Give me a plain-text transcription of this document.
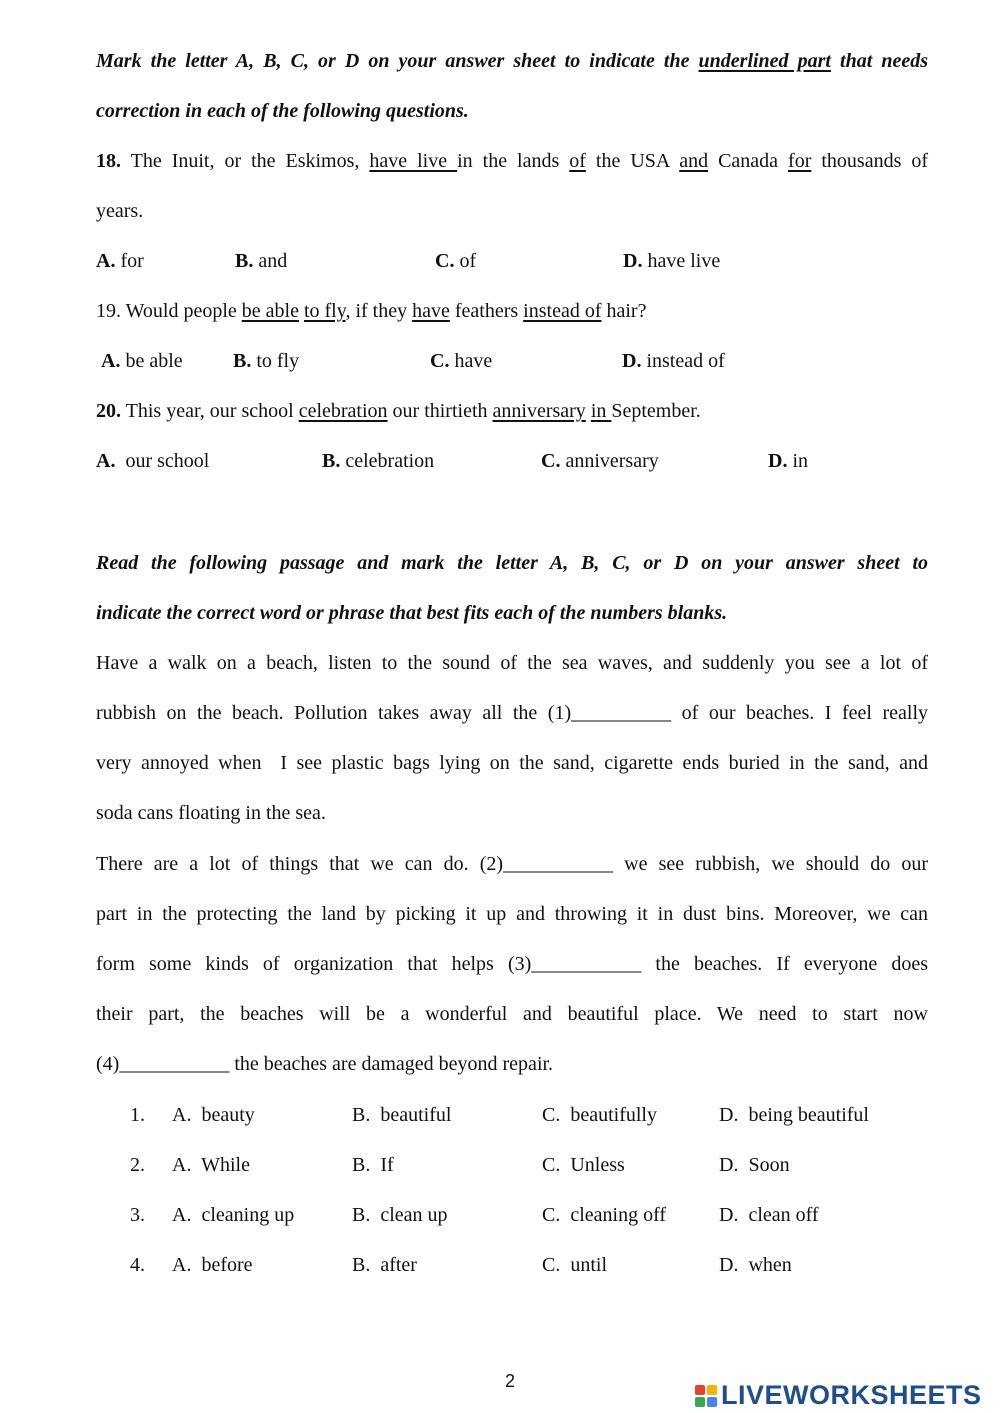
Mark the letter A, B, C, or D on your answer sheet to indicate the underlined part that needs
correction in each of the following questions.
18. The Inuit, or the Eskimos, have live in the lands of the USA and Canada for thousands of
years.
A. for	B. and	C. of	D. have live
19. Would people be able to fly, if they have feathers instead of hair?
A. be able	B. to fly	C. have	D. instead of
20. This year, our school celebration our thirtieth anniversary in September.
A.  our school	B. celebration	C. anniversary	D. in
Read the following passage and mark the letter A, B, C, or D on your answer sheet to
indicate the correct word or phrase that best fits each of the numbers blanks.
Have a walk on a beach, listen to the sound of the sea waves, and suddenly you see a lot of
rubbish on the beach. Pollution takes away all the (1)__________ of our beaches. I feel really
very annoyed when  I see plastic bags lying on the sand, cigarette ends buried in the sand, and
soda cans floating in the sea.
There are a lot of things that we can do. (2)___________ we see rubbish, we should do our
part in the protecting the land by picking it up and throwing it in dust bins. Moreover, we can
form some kinds of organization that helps (3)___________ the beaches. If everyone does
their part, the beaches will be a wonderful and beautiful place. We need to start now
(4)___________ the beaches are damaged beyond repair.
1. A.  beauty	B.  beautiful	C.  beautifully	D.  being beautiful
2. A.  While	B.  If	C.  Unless	D.  Soon
3. A.  cleaning up	B.  clean up	C.  cleaning off	D.  clean off
4. A.  before	B.  after	C.  until	D.  when
2	LIVEWORKSHEETS
